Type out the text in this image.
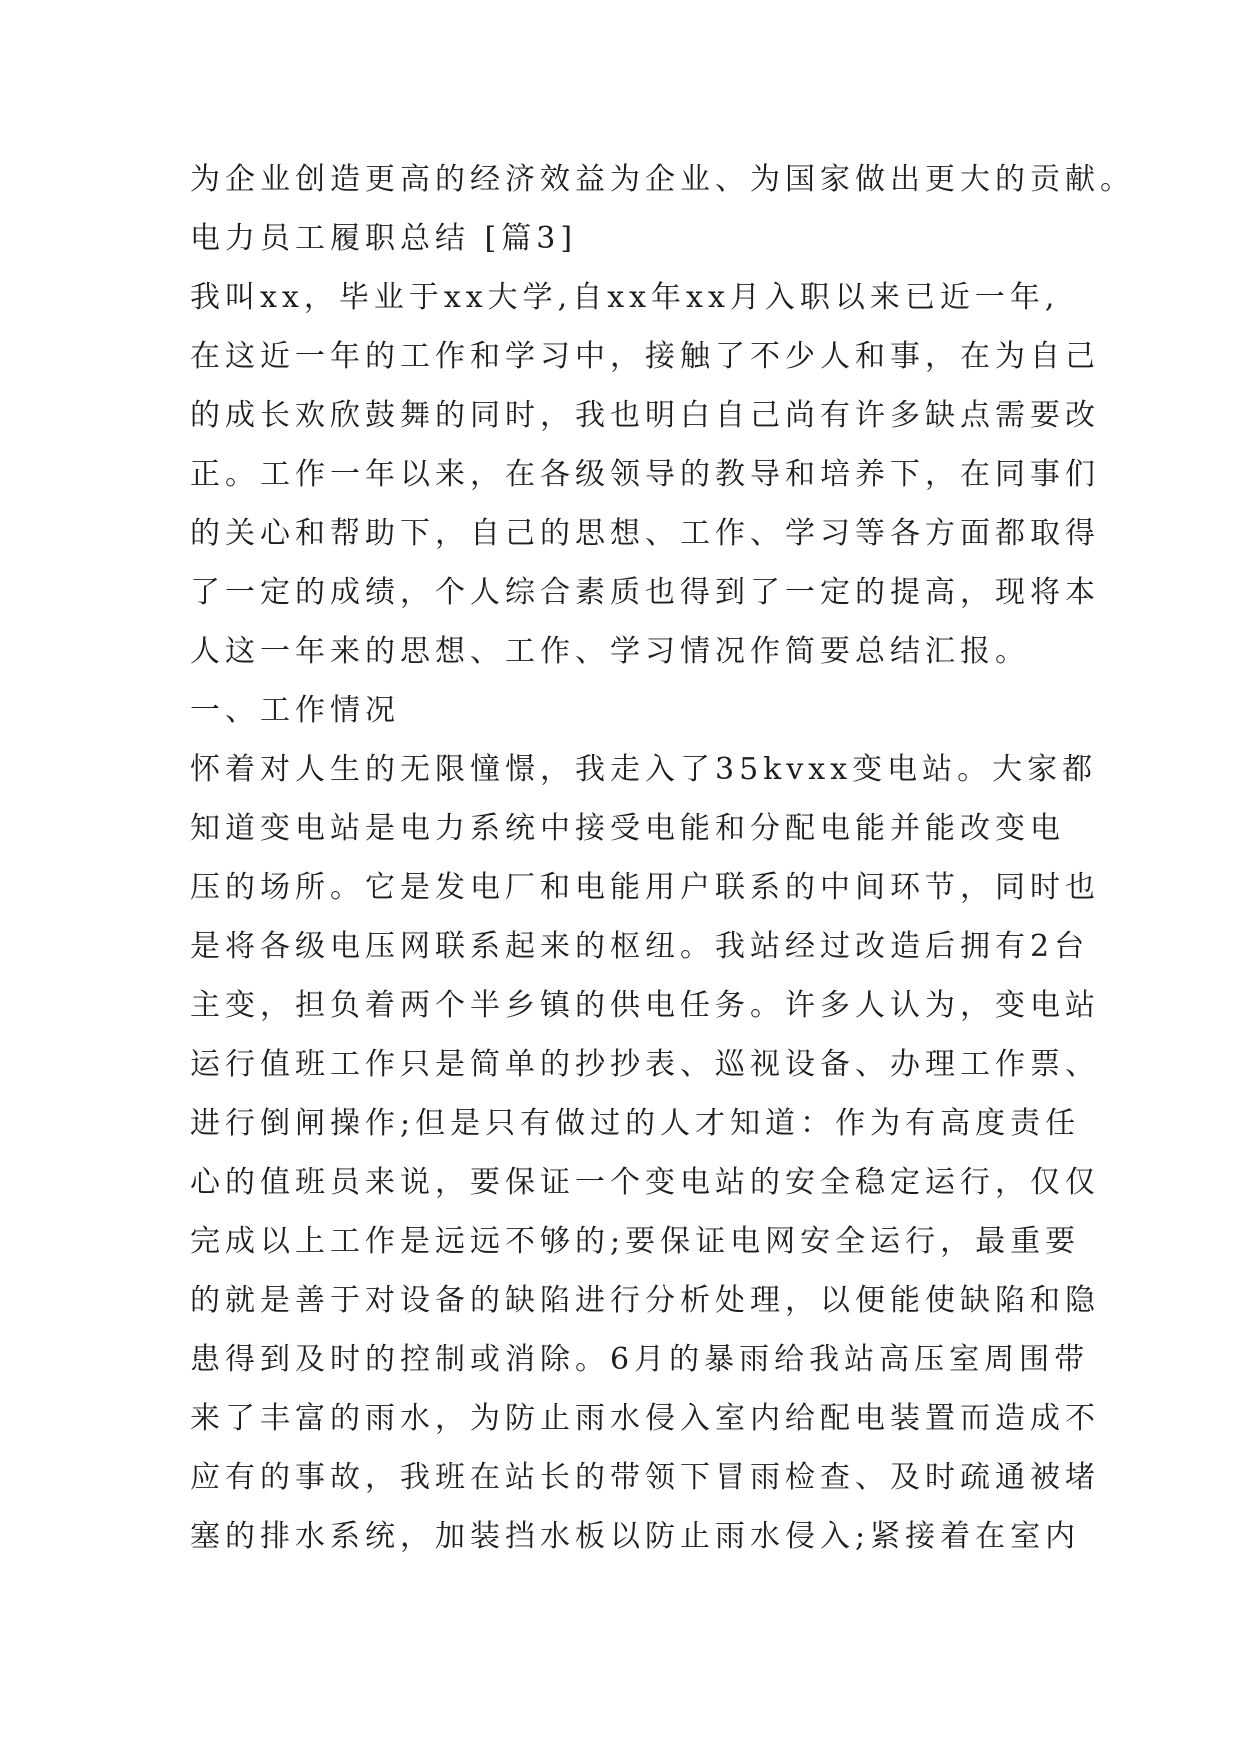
为企业创造更高的经济效益为企业、为国家做出更大的贡献。
电力员工履职总结 [篇3]
我叫xx，毕业于xx大学,自xx年xx月入职以来已近一年,
在这近一年的工作和学习中，接触了不少人和事，在为自己
的成长欢欣鼓舞的同时，我也明白自己尚有许多缺点需要改
正。工作一年以来，在各级领导的教导和培养下，在同事们
的关心和帮助下，自己的思想、工作、学习等各方面都取得
了一定的成绩，个人综合素质也得到了一定的提高，现将本
人这一年来的思想、工作、学习情况作简要总结汇报。
一、工作情况
怀着对人生的无限憧憬，我走入了35kvxx变电站。大家都
知道变电站是电力系统中接受电能和分配电能并能改变电
压的场所。它是发电厂和电能用户联系的中间环节，同时也
是将各级电压网联系起来的枢纽。我站经过改造后拥有2台
主变，担负着两个半乡镇的供电任务。许多人认为，变电站
运行值班工作只是简单的抄抄表、巡视设备、办理工作票、
进行倒闸操作;但是只有做过的人才知道：作为有高度责任
心的值班员来说，要保证一个变电站的安全稳定运行，仅仅
完成以上工作是远远不够的;要保证电网安全运行，最重要
的就是善于对设备的缺陷进行分析处理，以便能使缺陷和隐
患得到及时的控制或消除。6月的暴雨给我站高压室周围带
来了丰富的雨水，为防止雨水侵入室内给配电装置而造成不
应有的事故，我班在站长的带领下冒雨检查、及时疏通被堵
塞的排水系统，加装挡水板以防止雨水侵入;紧接着在室内
